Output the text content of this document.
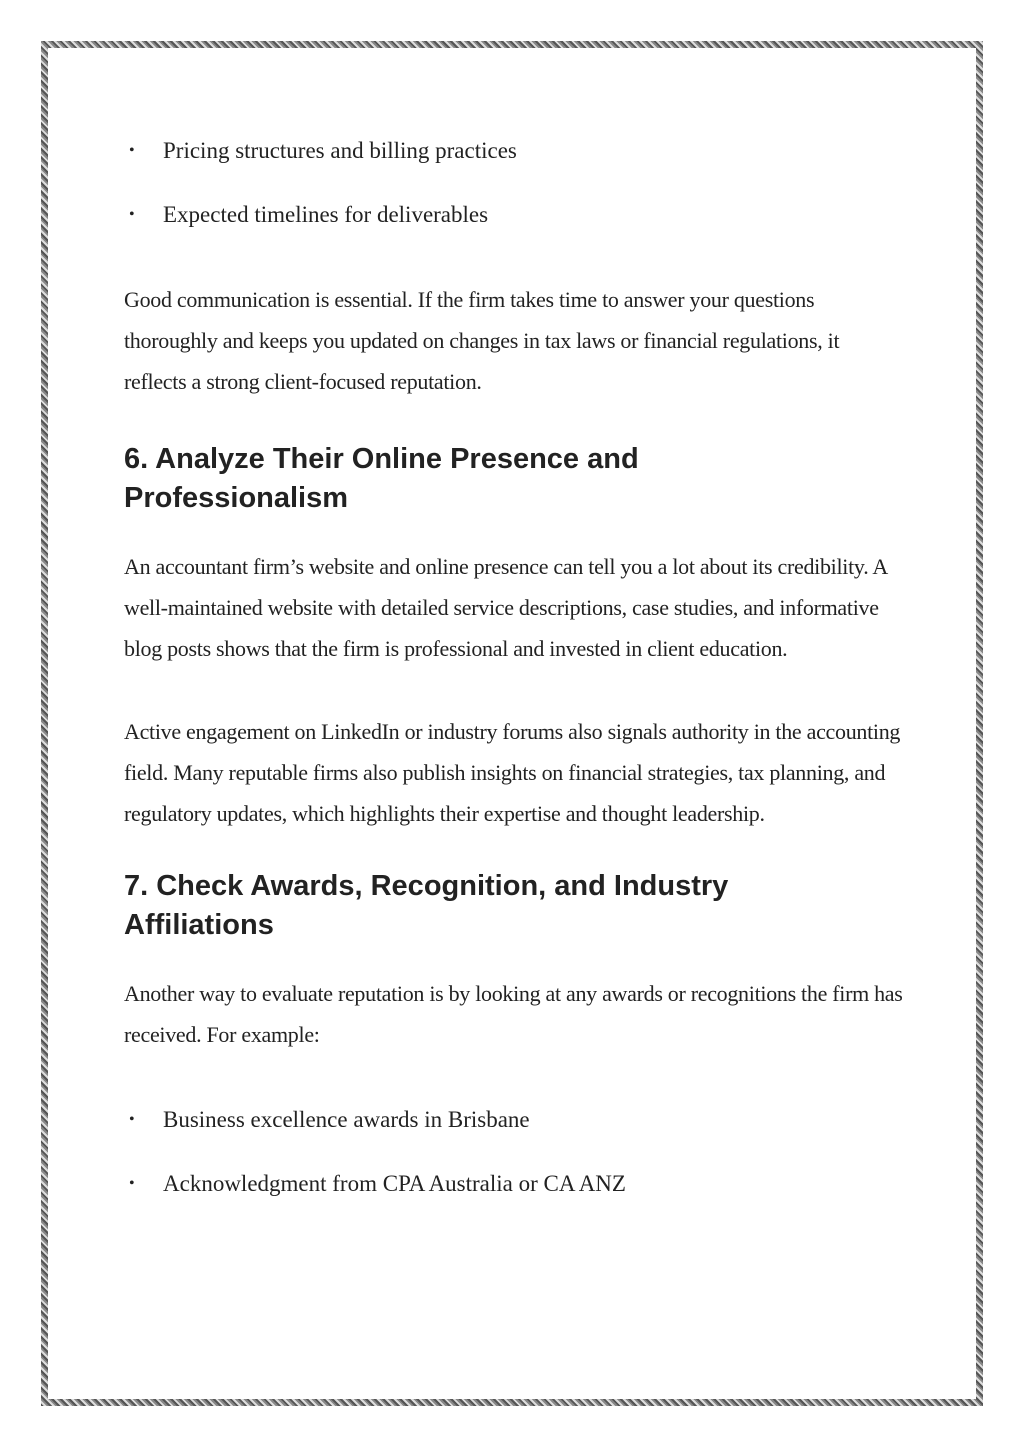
• Pricing structures and billing practices
• Expected timelines for deliverables

Good communication is essential. If the firm takes time to answer your questions thoroughly and keeps you updated on changes in tax laws or financial regulations, it reflects a strong client-focused reputation.

6. Analyze Their Online Presence and Professionalism

An accountant firm’s website and online presence can tell you a lot about its credibility. A well-maintained website with detailed service descriptions, case studies, and informative blog posts shows that the firm is professional and invested in client education.

Active engagement on LinkedIn or industry forums also signals authority in the accounting field. Many reputable firms also publish insights on financial strategies, tax planning, and regulatory updates, which highlights their expertise and thought leadership.

7. Check Awards, Recognition, and Industry Affiliations

Another way to evaluate reputation is by looking at any awards or recognitions the firm has received. For example:

• Business excellence awards in Brisbane
• Acknowledgment from CPA Australia or CA ANZ
